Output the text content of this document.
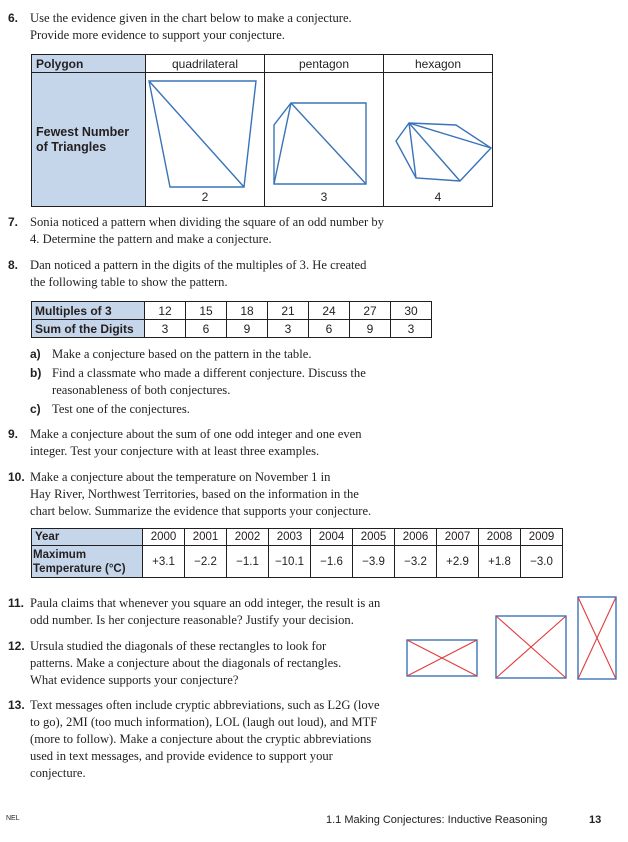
6. Use the evidence given in the chart below to make a conjecture.
Provide more evidence to support your conjecture.
Polygon	quadrilateral	pentagon	hexagon

Fewest Number
of Triangles	2	3	4
7. Sonia noticed a pattern when dividing the square of an odd number by
4. Determine the pattern and make a conjecture.
8. Dan noticed a pattern in the digits of the multiples of 3. He created
the following table to show the pattern.
Multiples of 3	12	15	18	21	24	27	30
Sum of the Digits	3	6	9	3	6	9	3
a) Make a conjecture based on the pattern in the table.
b) Find a classmate who made a different conjecture. Discuss the
reasonableness of both conjectures.
c) Test one of the conjectures.
9. Make a conjecture about the sum of one odd integer and one even
integer. Test your conjecture with at least three examples.
10. Make a conjecture about the temperature on November 1 in
Hay River, Northwest Territories, based on the information in the
chart below. Summarize the evidence that supports your conjecture.
Year	2000	2001	2002	2003	2004	2005	2006	2007	2008	2009

Maximum
Temperature (°C)	+3.1	−2.2	−1.1	−10.1	−1.6	−3.9	−3.2	+2.9	+1.8	−3.0
11. Paula claims that whenever you square an odd integer, the result is an
odd number. Is her conjecture reasonable? Justify your decision.
12. Ursula studied the diagonals of these rectangles to look for
patterns. Make a conjecture about the diagonals of rectangles.
What evidence supports your conjecture?
13. Text messages often include cryptic abbreviations, such as L2G (love
to go), 2MI (too much information), LOL (laugh out loud), and MTF
(more to follow). Make a conjecture about the cryptic abbreviations
used in text messages, and provide evidence to support your
conjecture.
NEL	1.1 Making Conjectures: Inductive Reasoning	13
